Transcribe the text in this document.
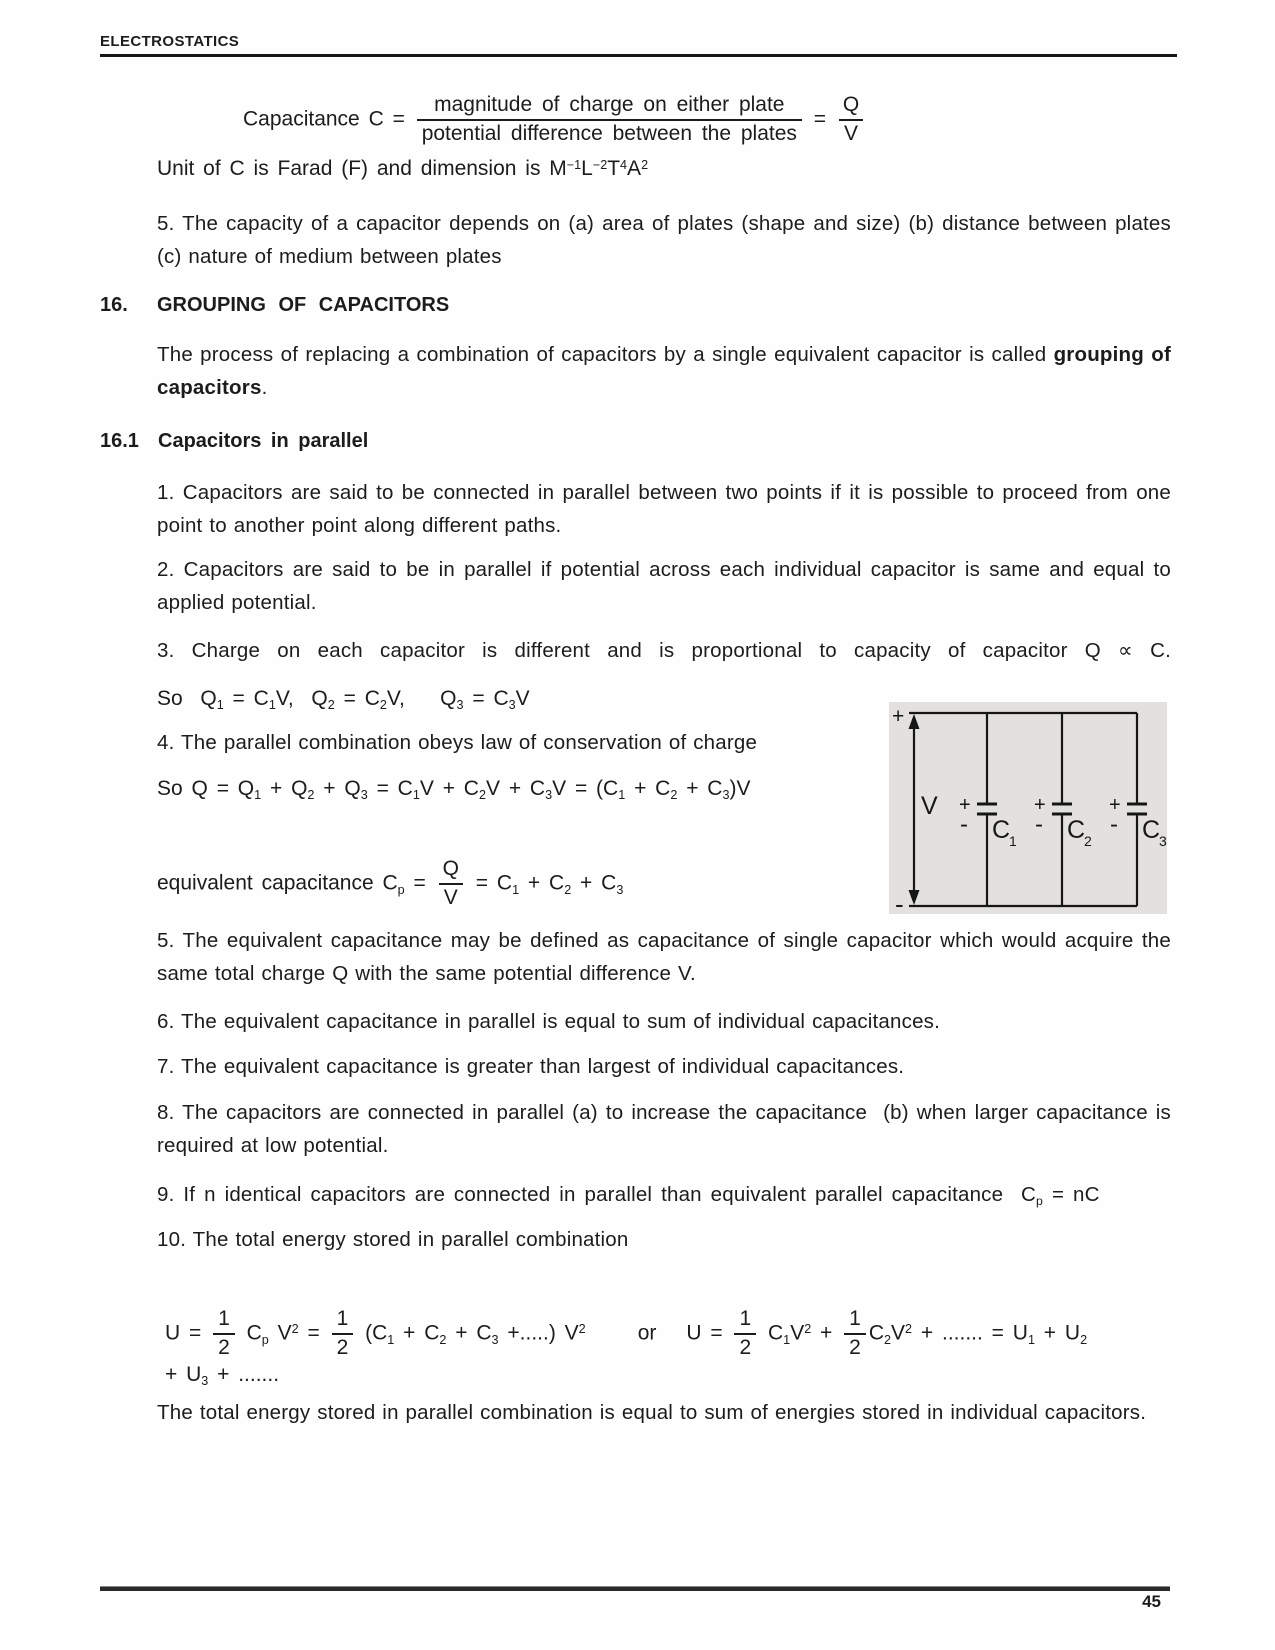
ELECTROSTATICS
Capacitance $C = \frac{\text{magnitude of charge on either plate}}{\text{potential difference between the plates}} = \frac{Q}{V}$
Unit of C is Farad (F) and dimension is $M^{-1}L^{-2}T^4A^2$
5. The capacity of a capacitor depends on (a) area of plates (shape and size) (b) distance between plates (c) nature of medium between plates
16. GROUPING OF CAPACITORS
The process of replacing a combination of capacitors by a single equivalent capacitor is called grouping of capacitors.
16.1 Capacitors in parallel
1. Capacitors are said to be connected in parallel between two points if it is possible to proceed from one point to another point along different paths.
2. Capacitors are said to be in parallel if potential across each individual capacitor is same and equal to applied potential.
3. Charge on each capacitor is different and is proportional to capacity of capacitor Q ∝ C.
So  $Q_1 = C_1V$,  $Q_2 = C_2V$,    $Q_3 = C_3V$
4. The parallel combination obeys law of conservation of charge
So $Q = Q_1 + Q_2 + Q_3 = C_1V + C_2V + C_3V = (C_1 + C_2 + C_3)V$
equivalent capacitance $C_p = \frac{Q}{V} = C_1 + C_2 + C_3$
+
-
V +
- C
1
+
- C
2
+
- C
3
5. The equivalent capacitance may be defined as capacitance of single capacitor which would acquire the same total charge Q with the same potential difference V.
6. The equivalent capacitance in parallel is equal to sum of individual capacitances.
7. The equivalent capacitance is greater than largest of individual capacitances.
8. The capacitors are connected in parallel (a) to increase the capacitance  (b) when larger capacitance is required at low potential.
9. If n identical capacitors are connected in parallel than equivalent parallel capacitance  $C_p$ = nC
10. The total energy stored in parallel combination
$U = \frac{1}{2} C_p$ $V^2 = \frac{1}{2} (C_1 + C_2 + C_3$ +.....) $V^2$ or $U = \frac{1}{2} C_1V^2 + \frac{1}{2} C_2V^2$ + ....... = $U_1 + U_2$
+ $U_3$ + .......
The total energy stored in parallel combination is equal to sum of energies stored in individual capacitors.
45
